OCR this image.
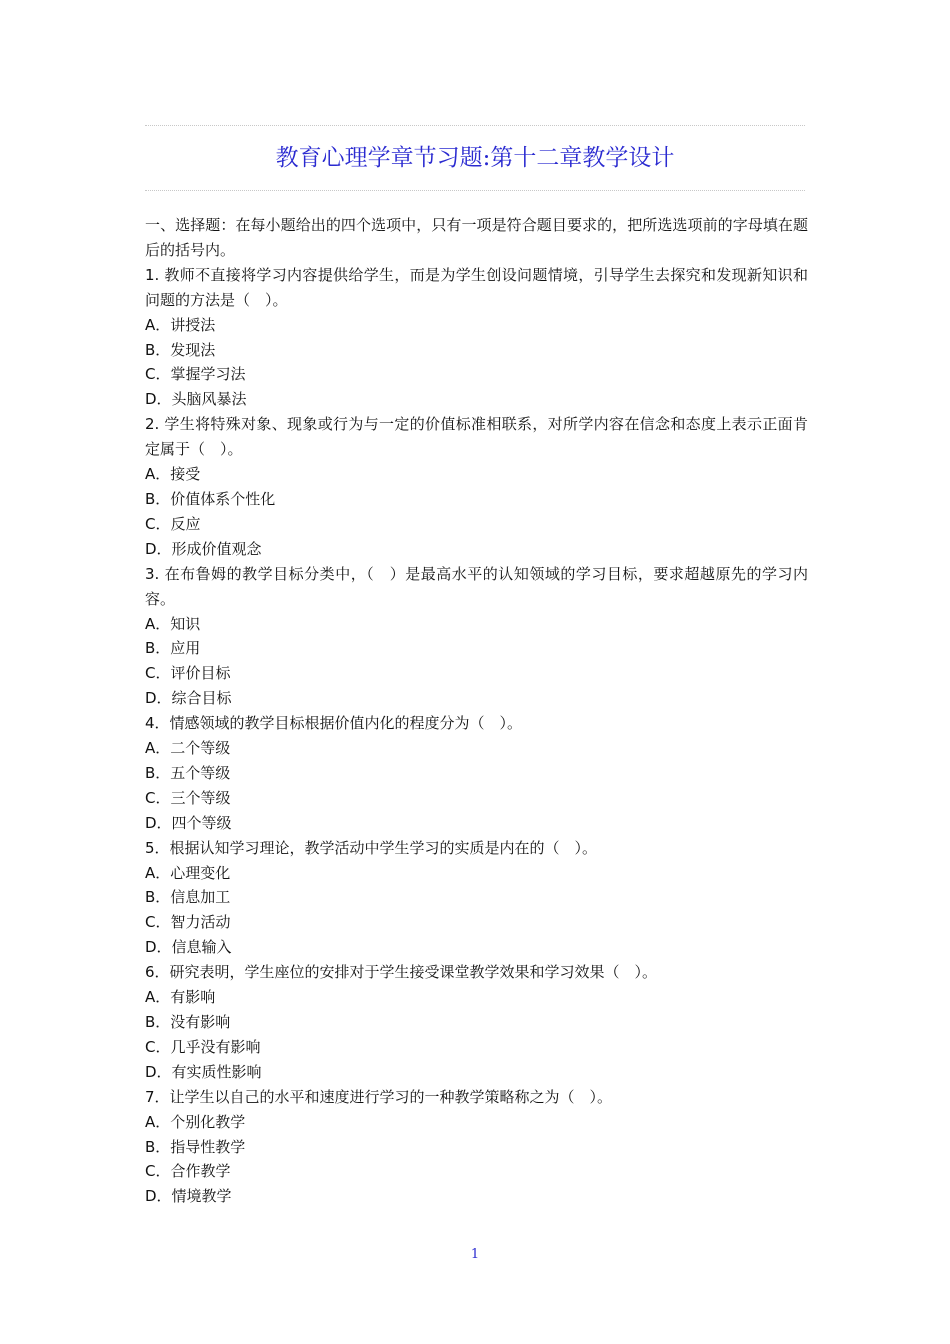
教育心理学章节习题:第十二章教学设计

一、选择题：在每小题给出的四个选项中，只有一项是符合题目要求的，把所选选项前的字母填在题后的括号内。

1. 教师不直接将学习内容提供给学生，而是为学生创设问题情境，引导学生去探究和发现新知识和问题的方法是（　）。

A．讲授法

B．发现法

C．掌握学习法

D．头脑风暴法

2. 学生将特殊对象、现象或行为与一定的价值标准相联系，对所学内容在信念和态度上表示正面肯定属于（　）。

A．接受

B．价值体系个性化

C．反应

D．形成价值观念

3. 在布鲁姆的教学目标分类中，（　）是最高水平的认知领域的学习目标，要求超越原先的学习内容。

A．知识

B．应用

C．评价目标

D．综合目标

4．情感领域的教学目标根据价值内化的程度分为（　）。

A．二个等级

B．五个等级

C．三个等级

D．四个等级

5．根据认知学习理论，教学活动中学生学习的实质是内在的（　）。

A．心理变化

B．信息加工

C．智力活动

D．信息输入

6．研究表明，学生座位的安排对于学生接受课堂教学效果和学习效果（　）。

A．有影响

B．没有影响

C．几乎没有影响

D．有实质性影响

7．让学生以自己的水平和速度进行学习的一种教学策略称之为（　）。

A．个别化教学

B．指导性教学

C．合作教学

D．情境教学

1
